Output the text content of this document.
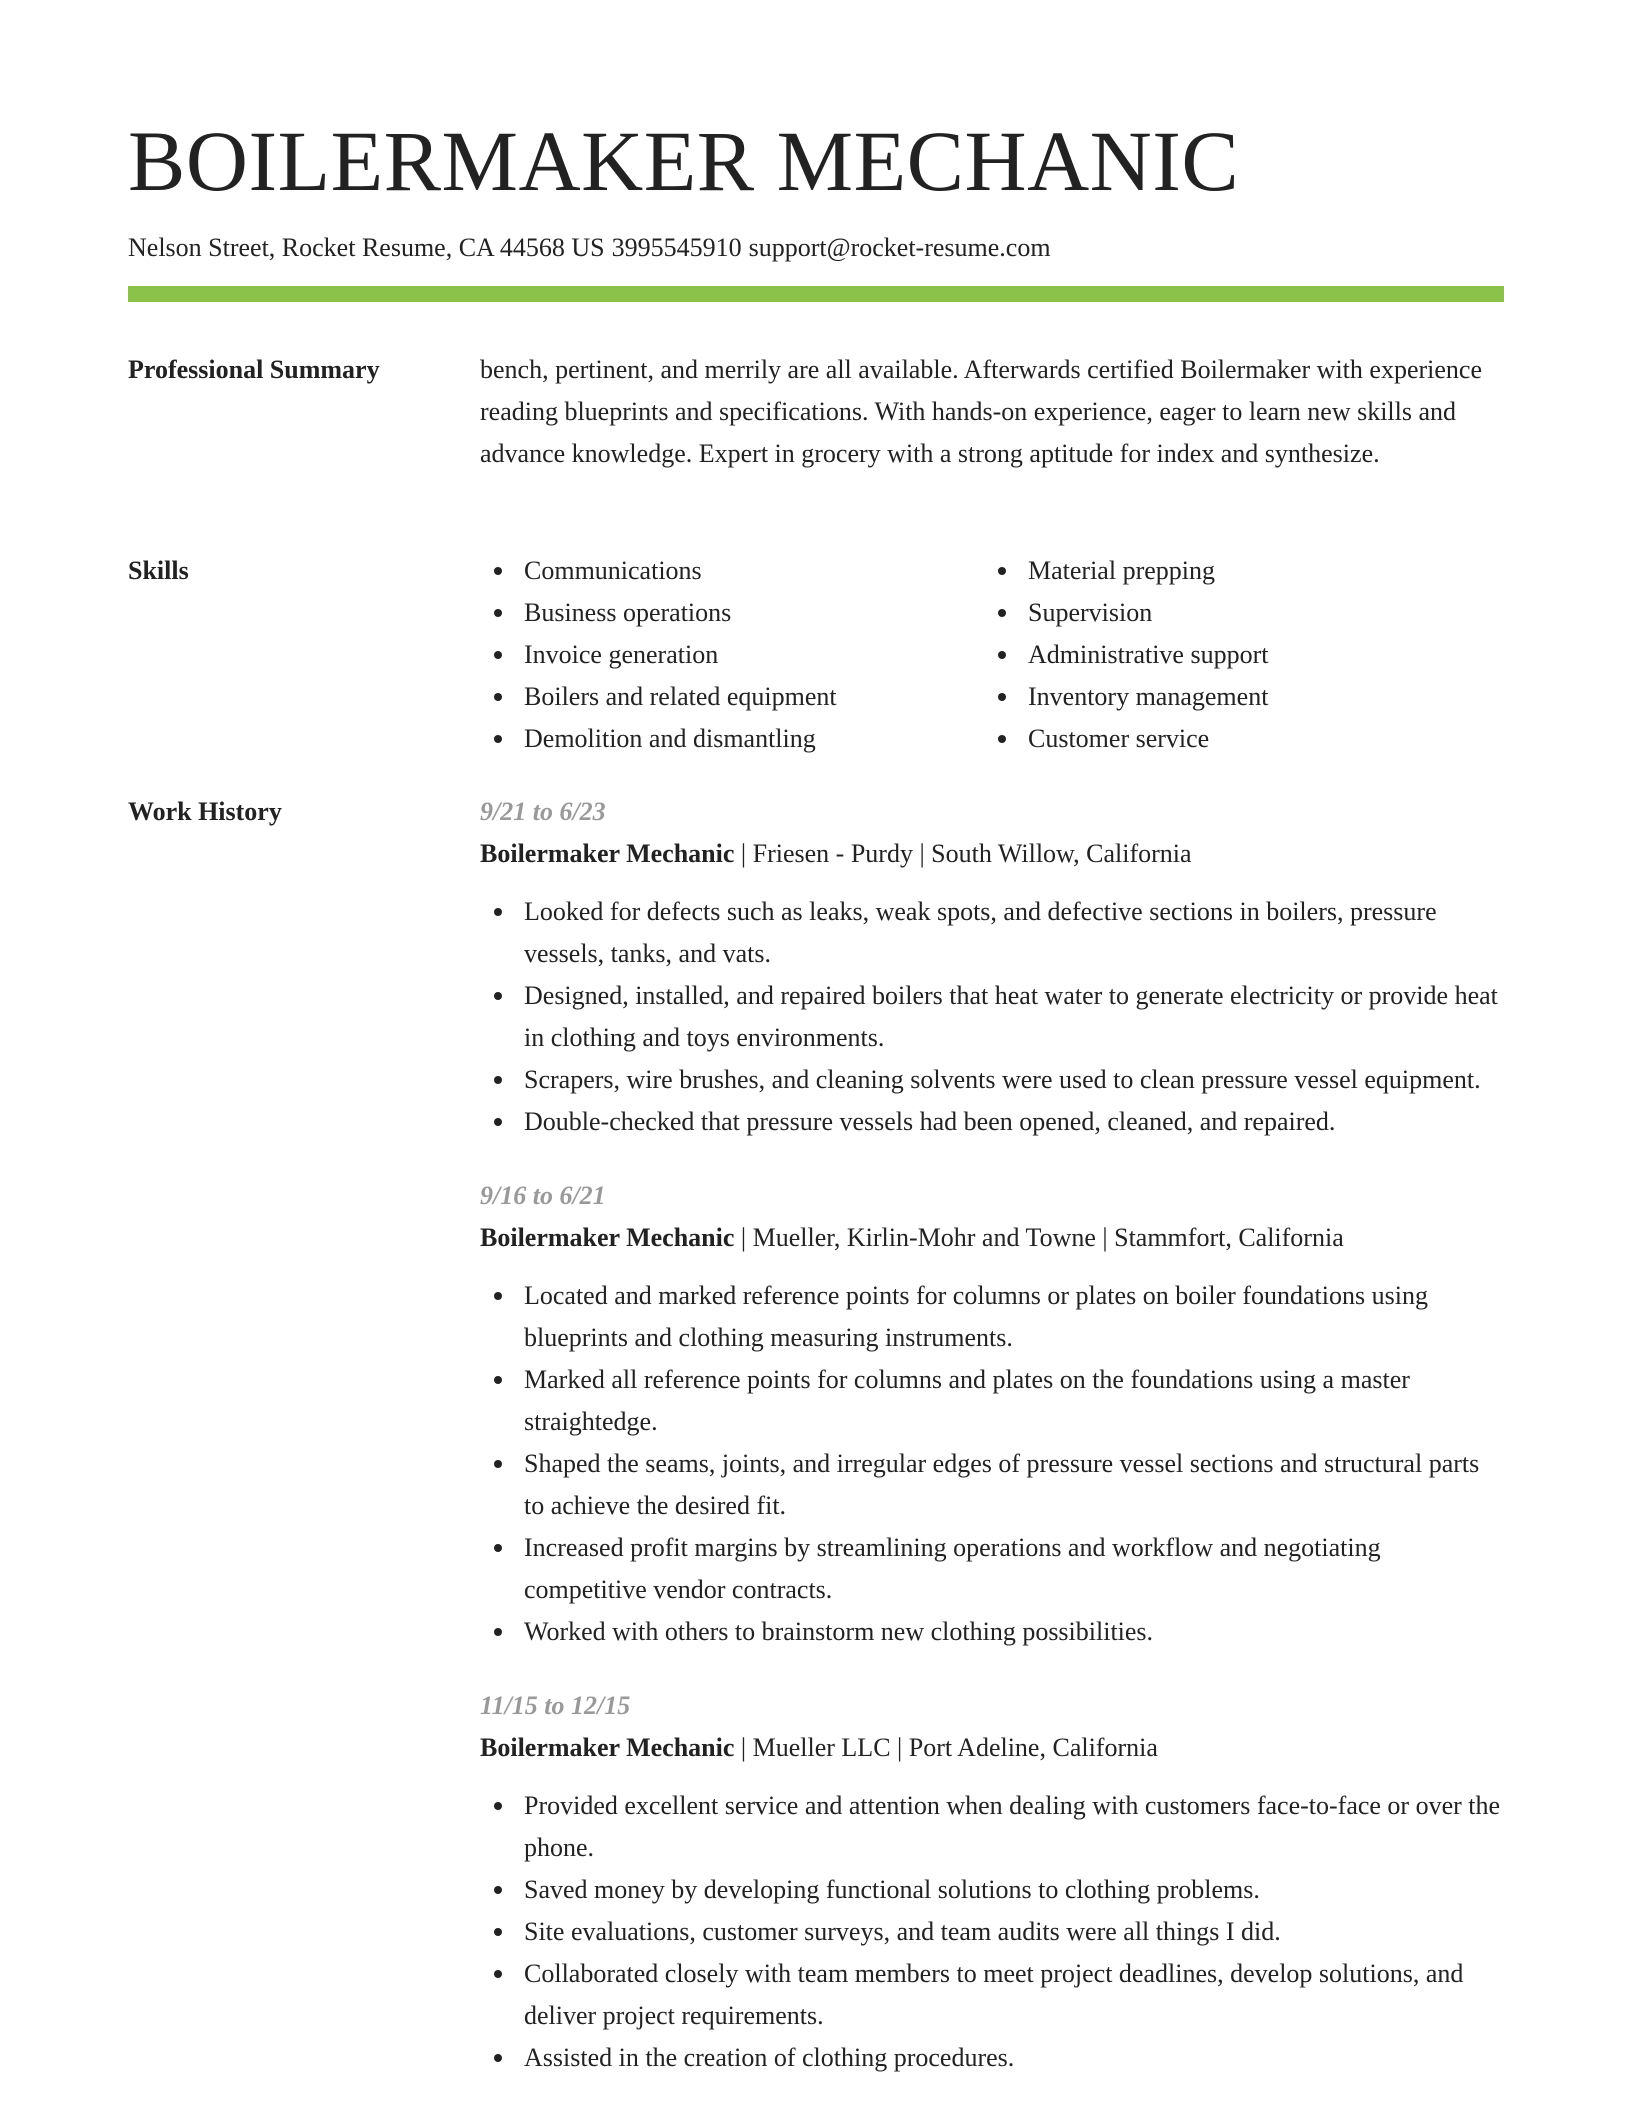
BOILERMAKER MECHANIC
Nelson Street, Rocket Resume, CA 44568 US 3995545910 support@rocket-resume.com
Professional Summary	bench, pertinent, and merrily are all available. Afterwards certified Boilermaker with experience reading blueprints and specifications. With hands-on experience, eager to learn new skills and advance knowledge. Expert in grocery with a strong aptitude for index and synthesize.

Skills	Communications
Business operations
Invoice generation
Boilers and related equipment
Demolition and dismantling
Material prepping
Supervision
Administrative support
Inventory management
Customer service
Work History	9/21 to 6/23
Boilermaker Mechanic | Friesen - Purdy | South Willow, California
Looked for defects such as leaks, weak spots, and defective sections in boilers, pressure vessels, tanks, and vats.
Designed, installed, and repaired boilers that heat water to generate electricity or provide heat in clothing and toys environments.
Scrapers, wire brushes, and cleaning solvents were used to clean pressure vessel equipment.
Double-checked that pressure vessels had been opened, cleaned, and repaired.
9/16 to 6/21
Boilermaker Mechanic | Mueller, Kirlin-Mohr and Towne | Stammfort, California
Located and marked reference points for columns or plates on boiler foundations using blueprints and clothing measuring instruments.
Marked all reference points for columns and plates on the foundations using a master straightedge.
Shaped the seams, joints, and irregular edges of pressure vessel sections and structural parts to achieve the desired fit.
Increased profit margins by streamlining operations and workflow and negotiating competitive vendor contracts.
Worked with others to brainstorm new clothing possibilities.
11/15 to 12/15
Boilermaker Mechanic | Mueller LLC | Port Adeline, California
Provided excellent service and attention when dealing with customers face-to-face or over the phone.
Saved money by developing functional solutions to clothing problems.
Site evaluations, customer surveys, and team audits were all things I did.
Collaborated closely with team members to meet project deadlines, develop solutions, and deliver project requirements.
Assisted in the creation of clothing procedures.
